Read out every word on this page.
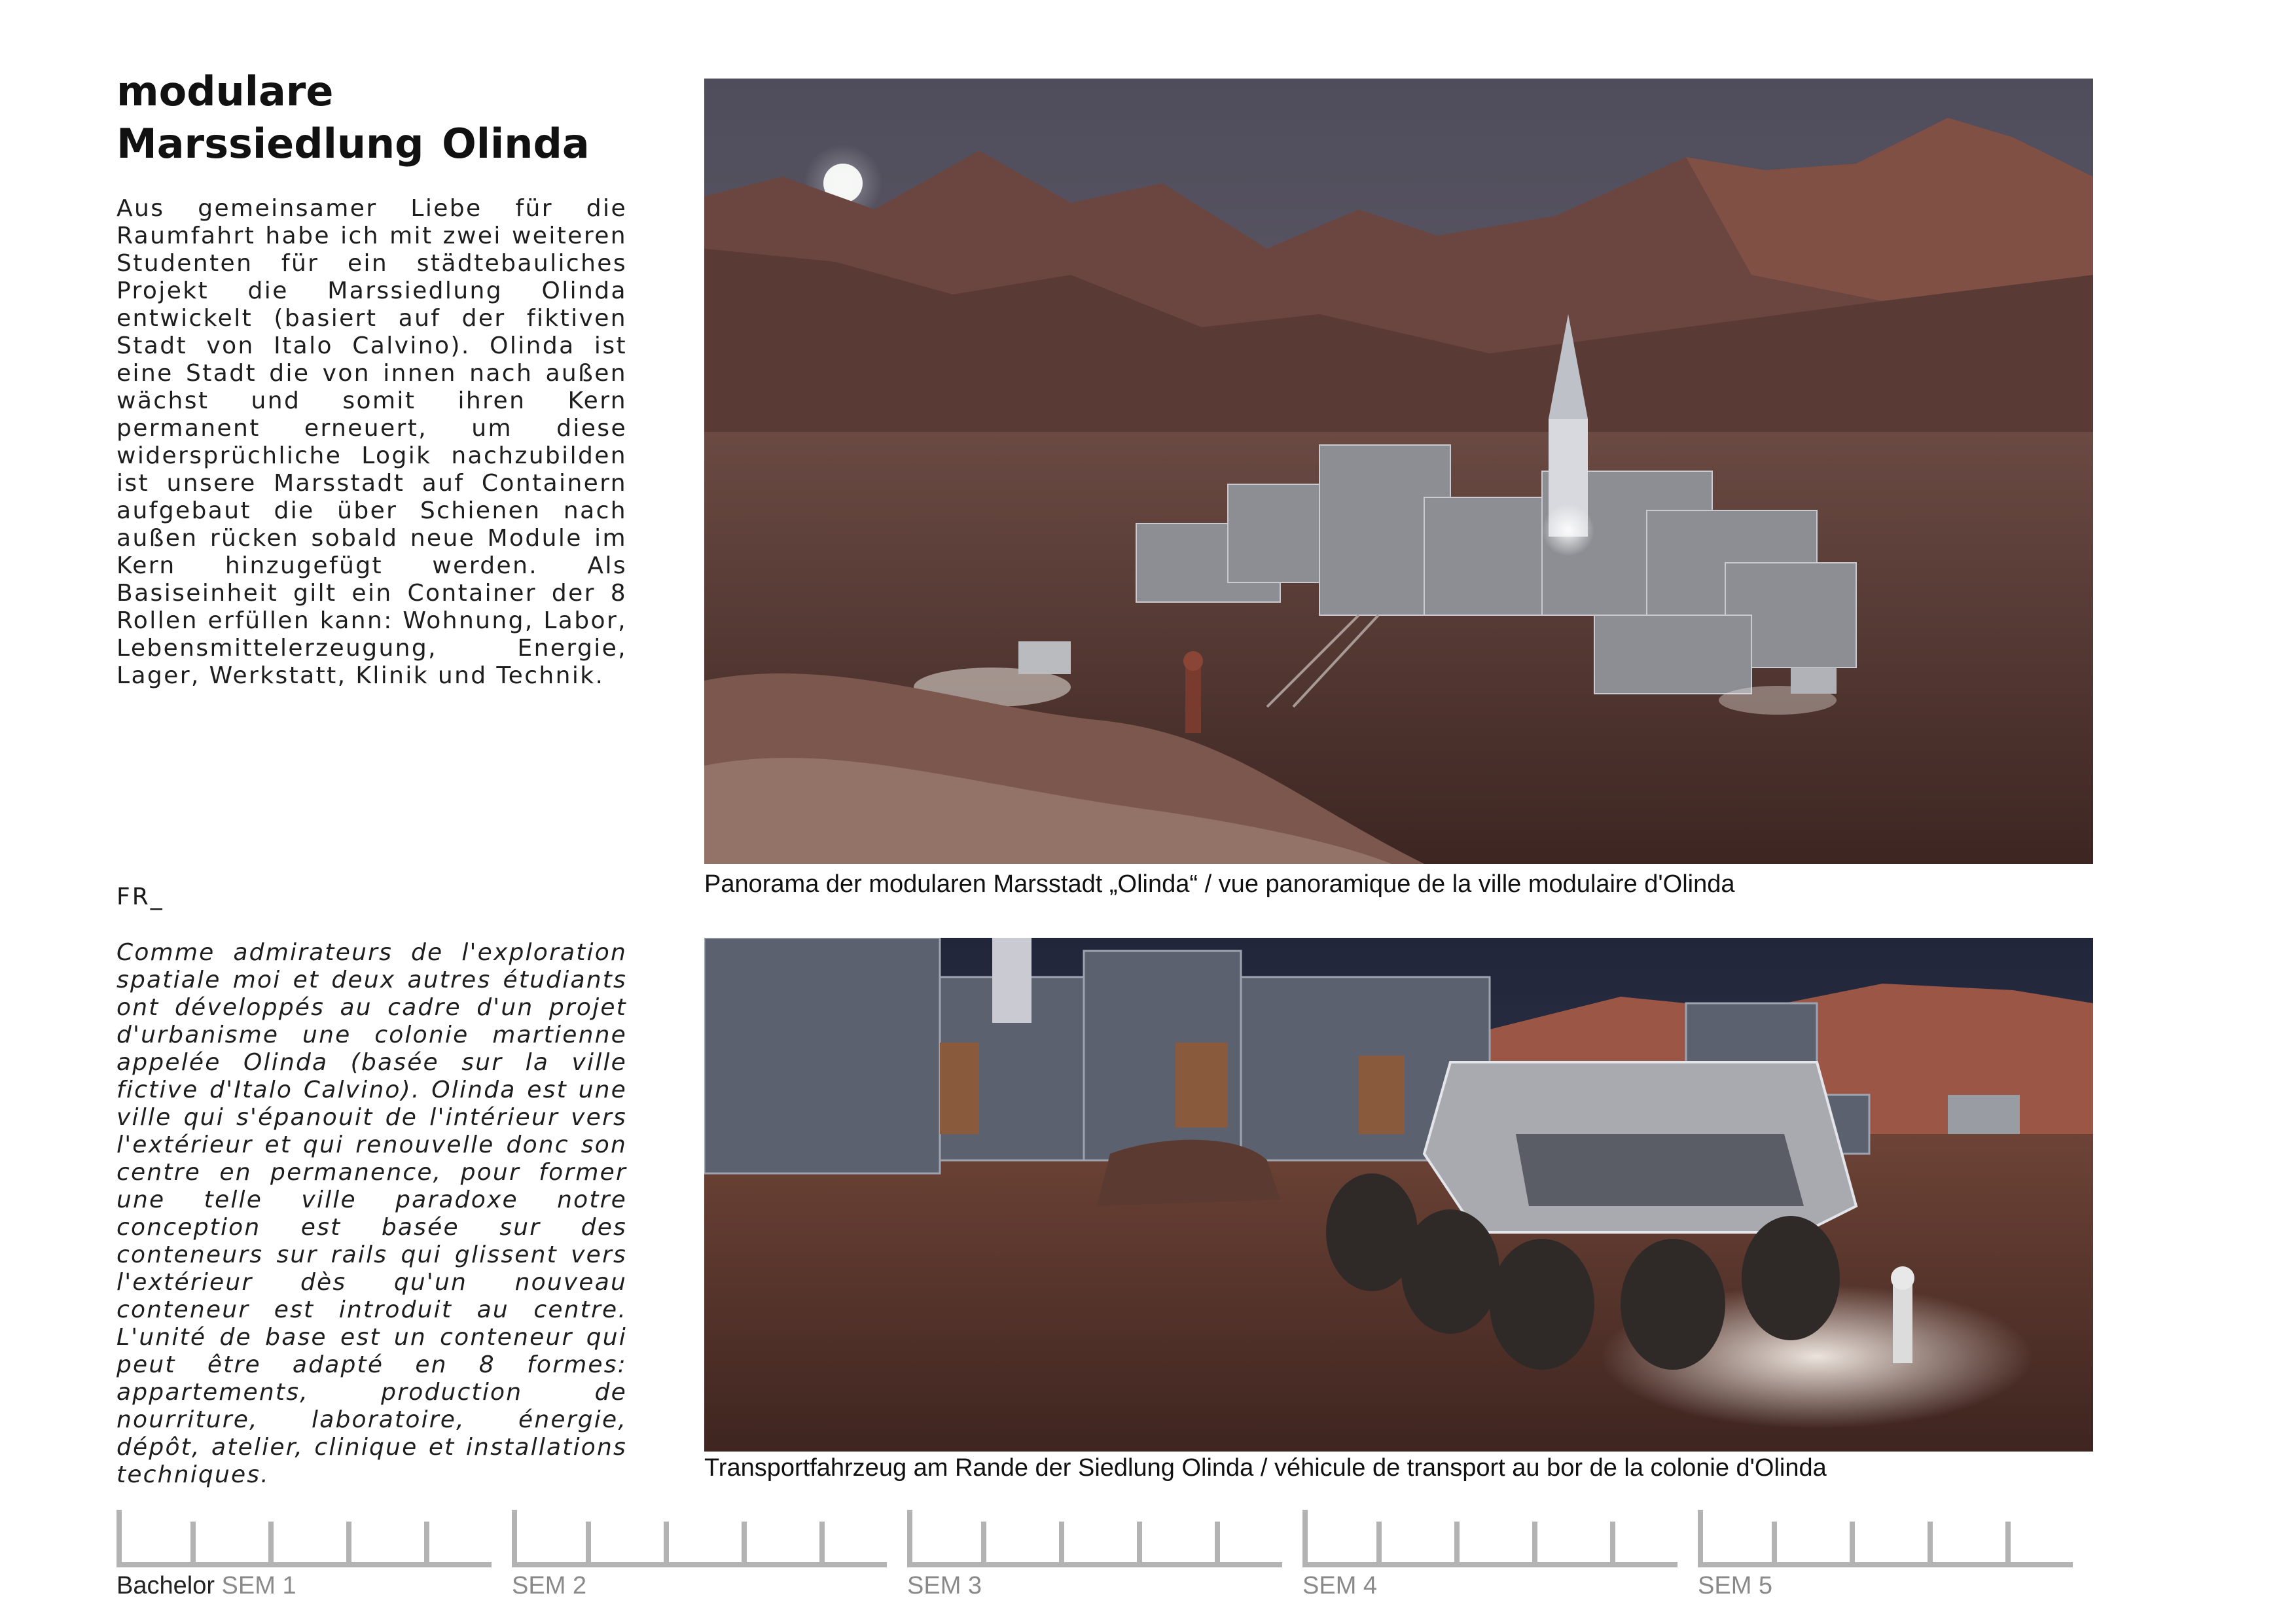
modulare Marssiedlung Olinda

Aus gemeinsamer Liebe für die Raumfahrt habe ich mit zwei weiteren Studenten für ein städtebauliches Projekt die Marssiedlung Olinda entwickelt (basiert auf der fiktiven Stadt von Italo Calvino). Olinda ist eine Stadt die von innen nach außen wächst und somit ihren Kern permanent erneuert, um diese widersprüchliche Logik nachzubilden ist unsere Marsstadt auf Containern aufgebaut die über Schienen nach außen rücken sobald neue Module im Kern hinzugefügt werden. Als Basiseinheit gilt ein Container der 8 Rollen erfüllen kann: Wohnung, Labor, Lebensmittelerzeugung, Energie, Lager, Werkstatt, Klinik und Technik.

FR_

Comme admirateurs de l'exploration spatiale moi et deux autres étudiants ont développés au cadre d'un projet d'urbanisme une colonie martienne appelée Olinda (basée sur la ville fictive d'Italo Calvino). Olinda est une ville qui s'épanouit de l'intérieur vers l'extérieur et qui renouvelle donc son centre en permanence, pour former une telle ville paradoxe notre conception est basée sur des conteneurs sur rails qui glissent vers l'extérieur dès qu'un nouveau conteneur est introduit au centre. L'unité de base est un conteneur qui peut être adapté en 8 formes: appartements, production de nourriture, laboratoire, énergie, dépôt, atelier, clinique et installations techniques.

Panorama der modularen Marsstadt „Olinda“ / vue panoramique de la ville modulaire d'Olinda

Transportfahrzeug am Rande der Siedlung Olinda / véhicule de transport au bor de la colonie d'Olinda

Bachelor SEM 1	SEM 2	SEM 3	SEM 4	SEM 5
